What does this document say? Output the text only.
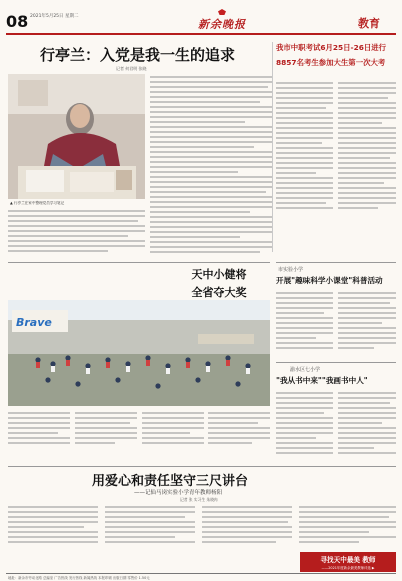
08 2021年5月25日 星期二
新余晚报	教育
行亭兰：入党是我一生的追求
记者 何君明 张晓
▲ 行亭兰在家中整理党员学习笔记
我市中职考试6月25日-26日进行
8857名考生参加大生第一次大考
市实验小学
开展"趣味科学小课堂"科普活动
天中小健将
全省夺大奖
Brave
渝水区七小学
"我从书中来""我画书中人"
用爱心和责任坚守三尺讲台
——记仙马岗实验小学青年教师杨阳
记者 张 实习生 朱晓冉
寻找天中最美 教师
——2021年度新余最美教师评选 ▶
地址：新余市劳动北路 总编室 广告热线 发行热线 新闻热线 本报印刷 出版日期 零售价 1.50元
